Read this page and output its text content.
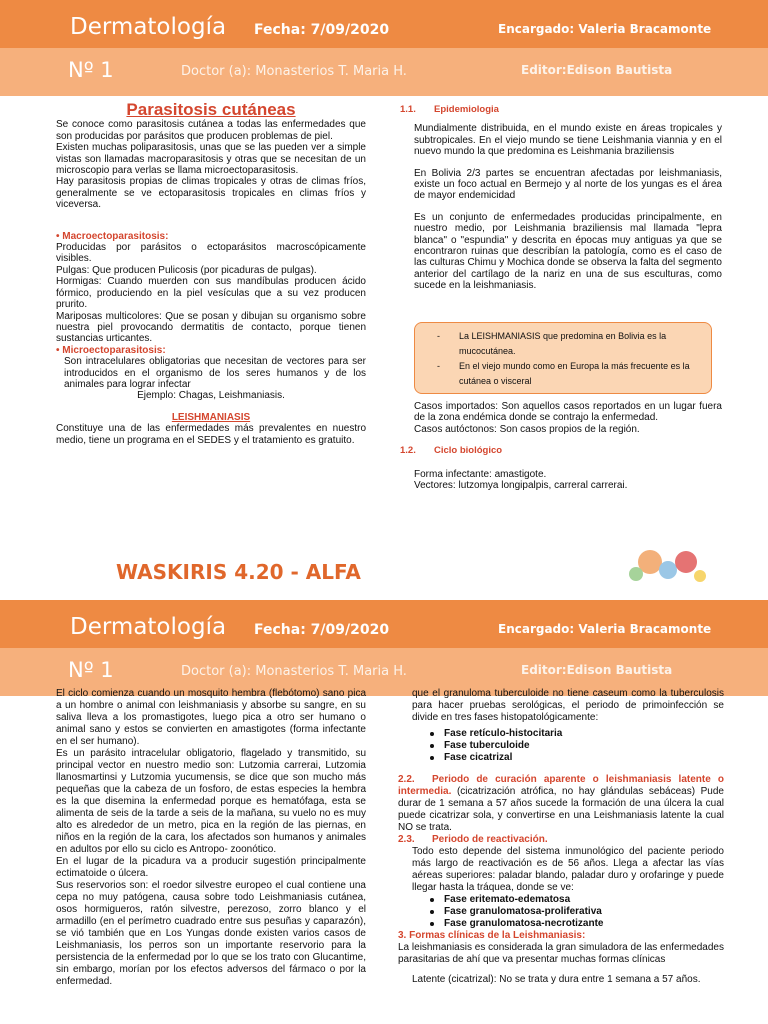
Dermatología Fecha: 7/09/2020	Encargado: Valeria Bracamonte
Nº 1	Doctor (a): Monasterios T. Maria H.	Editor:Edison Bautista
Parasitosis cutáneas

Se conoce como parasitosis cutánea a todas las enfermedades que son producidas por parásitos que producen problemas de piel.

Existen muchas poliparasitosis, unas que se las pueden ver a simple vistas son llamadas macroparasitosis y otras que se necesitan de un microscopio para verlas se llama microectoparasitosis.

Hay parasitosis propias de climas tropicales y otras de climas fríos, generalmente se ve ectoparasitosis tropicales en climas fríos y viceversa.

• Macroectoparasitosis:

Producidas por parásitos o ectoparásitos macroscópicamente visibles.

Pulgas: Que producen Pulicosis (por picaduras de pulgas).

Hormigas: Cuando muerden con sus mandíbulas producen ácido fórmico, produciendo en la piel vesículas que a su vez producen prurito.

Mariposas multicolores: Que se posan y dibujan su organismo sobre nuestra piel provocando dermatitis de contacto, porque tienen sustancias urticantes.

• Microectoparasitosis:

Son intracelulares obligatorias que necesitan de vectores para ser introducidos en el organismo de los seres humanos y de los animales para lograr infectar

Ejemplo: Chagas, Leishmaniasis.

LEISHMANIASIS

Constituye una de las enfermedades más prevalentes en nuestro medio, tiene un programa en el SEDES y el tratamiento es gratuito.

1.1. Epidemiologia

Mundialmente distribuida, en el mundo existe en áreas tropicales y subtropicales. En el viejo mundo se tiene Leishmania viannia y en el nuevo mundo la que predomina es Leishmania braziliensis

En Bolivia 2/3 partes se encuentran afectadas por leishmaniasis, existe un foco actual en Bermejo y al norte de los yungas es el área de mayor endemicidad

Es un conjunto de enfermedades producidas principalmente, en nuestro medio, por Leishmania braziliensis mal llamada "lepra blanca" o "espundia" y descrita en épocas muy antiguas ya que se encontraron ruinas que describían la patología, como es el caso de las culturas Chimu y Mochica donde se observa la falta del segmento anterior del cartílago de la nariz en una de sus esculturas, como sucede en la leishmaniasis.

- La LEISHMANIASIS que predomina en Bolivia es la mucocutánea.
- En el viejo mundo como en Europa la más frecuente es la cutánea o visceral

Casos importados: Son aquellos casos reportados en un lugar fuera de la zona endémica donde se contrajo la enfermedad.

Casos autóctonos: Son casos propios de la región.

1.2. Ciclo biológico

Forma infectante: amastigote.

Vectores: lutzomya longipalpis, carreral carrerai.

WASKIRIS 4.20 - ALFA
Dermatología Fecha: 7/09/2020	Encargado: Valeria Bracamonte
Nº 1	Doctor (a): Monasterios T. Maria H.	Editor:Edison Bautista

El ciclo comienza cuando un mosquito hembra (flebótomo) sano pica a un hombre o animal con leishmaniasis y absorbe su sangre, en su saliva lleva a los promastigotes, luego pica a otro ser humano o animal sano y estos se convierten en amastigotes (forma infectante en el ser humano).

Es un parásito intracelular obligatorio, flagelado y transmitido, su principal vector en nuestro medio son: Lutzomia carrerai, Lutzomia llanosmartinsi y Lutzomia yucumensis, se dice que son mucho más pequeñas que la cabeza de un fosforo, de estas especies la hembra es la que disemina la enfermedad porque es hematófaga, esta se alimenta de seis de la tarde a seis de la mañana, su vuelo no es muy alto es alrededor de un metro, pica en la región de las piernas, en niños en la región de la cara, los afectados son humanos y animales en adultos por ello su ciclo es Antropo- zoonótico.

En el lugar de la picadura va a producir sugestión principalmente ectimatoide o úlcera.

Sus reservorios son: el roedor silvestre europeo el cual contiene una cepa no muy patógena, causa sobre todo Leishmaniasis cutánea, osos hormigueros, ratón silvestre, perezoso, zorro blanco y el armadillo (en el perímetro cuadrado entre sus pesuñas y caparazón), se vió también que en Los Yungas donde existen varios casos de Leishmaniasis, los perros son un importante reservorio para la persistencia de la enfermedad por lo que se los trato con Glucantime, sin embargo, morían por los efectos adversos del fármaco o por la enfermedad.

que el granuloma tuberculoide no tiene caseum como la tuberculosis para hacer pruebas serológicas, el periodo de primoinfección se divide en tres fases histopatológicamente:

Fase retículo-histocitaria
Fase tuberculoide
Fase cicatrizal

2.2. Periodo de curación aparente o leishmaniasis latente o intermedia. (cicatrización atrófica, no hay glándulas sebáceas) Pude durar de 1 semana a 57 años sucede la formación de una úlcera la cual puede cicatrizar sola, y convertirse en una Leishmaniasis latente la cual NO se trata.

2.3. Periodo de reactivación.

Todo esto depende del sistema inmunológico del paciente periodo más largo de reactivación es de 56 años. Llega a afectar las vías aéreas superiores: paladar blando, paladar duro y orofaringe y puede llegar hasta la tráquea, donde se ve:

Fase eritemato-edematosa
Fase granulomatosa-proliferativa
Fase granulomatosa-necrotizante

3. Formas clínicas de la Leishmaniasis:

La leishmaniasis es considerada la gran simuladora de las enfermedades parasitarias de ahí que va presentar muchas formas clínicas

Latente (cicatrizal): No se trata y dura entre 1 semana a 57 años.
